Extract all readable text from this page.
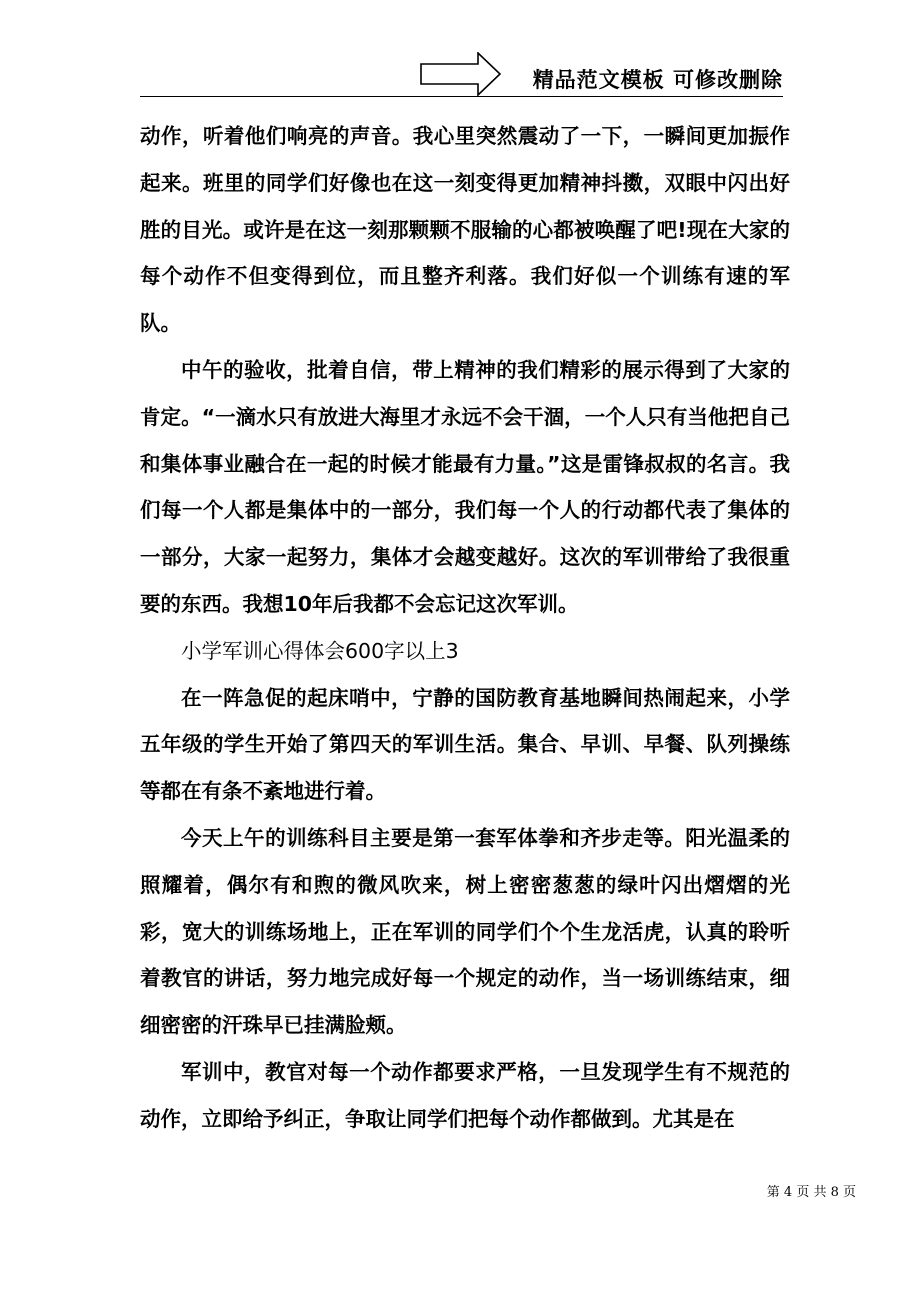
精品范文模板 可修改删除

动作，听着他们响亮的声音。我心里突然震动了一下，一瞬间更加振作起来。班里的同学们好像也在这一刻变得更加精神抖擞，双眼中闪出好胜的目光。或许是在这一刻那颗颗不服输的心都被唤醒了吧!现在大家的每个动作不但变得到位，而且整齐利落。我们好似一个训练有速的军队。

中午的验收，批着自信，带上精神的我们精彩的展示得到了大家的肯定。“一滴水只有放进大海里才永远不会干涸，一个人只有当他把自己和集体事业融合在一起的时候才能最有力量。”这是雷锋叔叔的名言。我们每一个人都是集体中的一部分，我们每一个人的行动都代表了集体的一部分，大家一起努力，集体才会越变越好。这次的军训带给了我很重要的东西。我想10年后我都不会忘记这次军训。

小学军训心得体会600字以上3

在一阵急促的起床哨中，宁静的国防教育基地瞬间热闹起来，小学五年级的学生开始了第四天的军训生活。集合、早训、早餐、队列操练等都在有条不紊地进行着。

今天上午的训练科目主要是第一套军体拳和齐步走等。阳光温柔的照耀着，偶尔有和煦的微风吹来，树上密密葱葱的绿叶闪出熠熠的光彩，宽大的训练场地上，正在军训的同学们个个生龙活虎，认真的聆听着教官的讲话，努力地完成好每一个规定的动作，当一场训练结束，细细密密的汗珠早已挂满脸颊。

军训中，教官对每一个动作都要求严格，一旦发现学生有不规范的动作，立即给予纠正，争取让同学们把每个动作都做到。尤其是在

第 4 页 共 8 页
